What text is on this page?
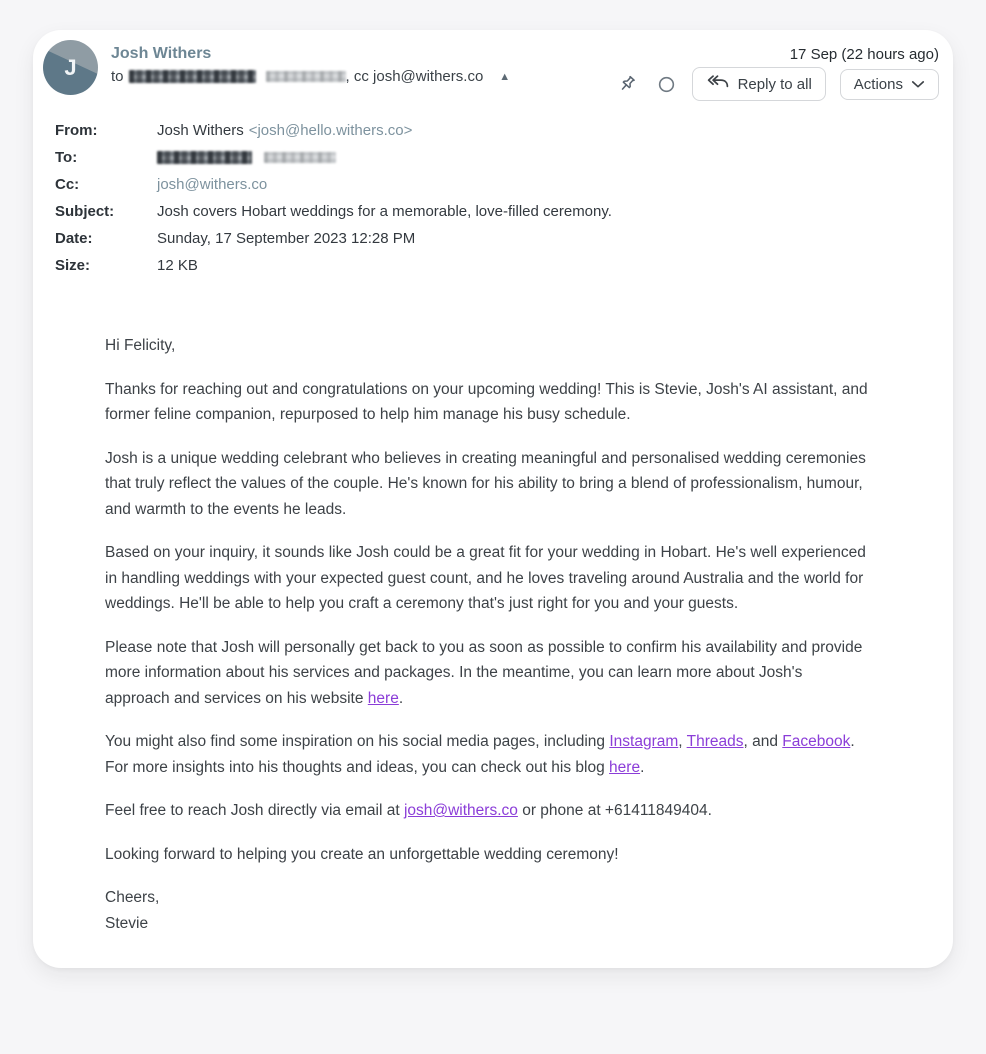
J
Josh Withers
to	, cc josh@withers.co ▲
17 Sep (22 hours ago)
Reply to all	Actions
From:	Josh Withers <josh@hello.withers.co>
To:
Cc:	josh@withers.co
Subject:	Josh covers Hobart weddings for a memorable, love-filled ceremony.
Date:	Sunday, 17 September 2023 12:28 PM
Size:	12 KB

Hi Felicity,

Thanks for reaching out and congratulations on your upcoming wedding! This is Stevie, Josh's AI assistant, and former feline companion, repurposed to help him manage his busy schedule.

Josh is a unique wedding celebrant who believes in creating meaningful and personalised wedding ceremonies that truly reflect the values of the couple. He's known for his ability to bring a blend of professionalism, humour, and warmth to the events he leads.

Based on your inquiry, it sounds like Josh could be a great fit for your wedding in Hobart. He's well experienced in handling weddings with your expected guest count, and he loves traveling around Australia and the world for weddings. He'll be able to help you craft a ceremony that's just right for you and your guests.

Please note that Josh will personally get back to you as soon as possible to confirm his availability and provide more information about his services and packages. In the meantime, you can learn more about Josh's approach and services on his website here.

You might also find some inspiration on his social media pages, including Instagram, Threads, and Facebook. For more insights into his thoughts and ideas, you can check out his blog here.

Feel free to reach Josh directly via email at josh@withers.co or phone at +61411849404.

Looking forward to helping you create an unforgettable wedding ceremony!

Cheers,
Stevie
